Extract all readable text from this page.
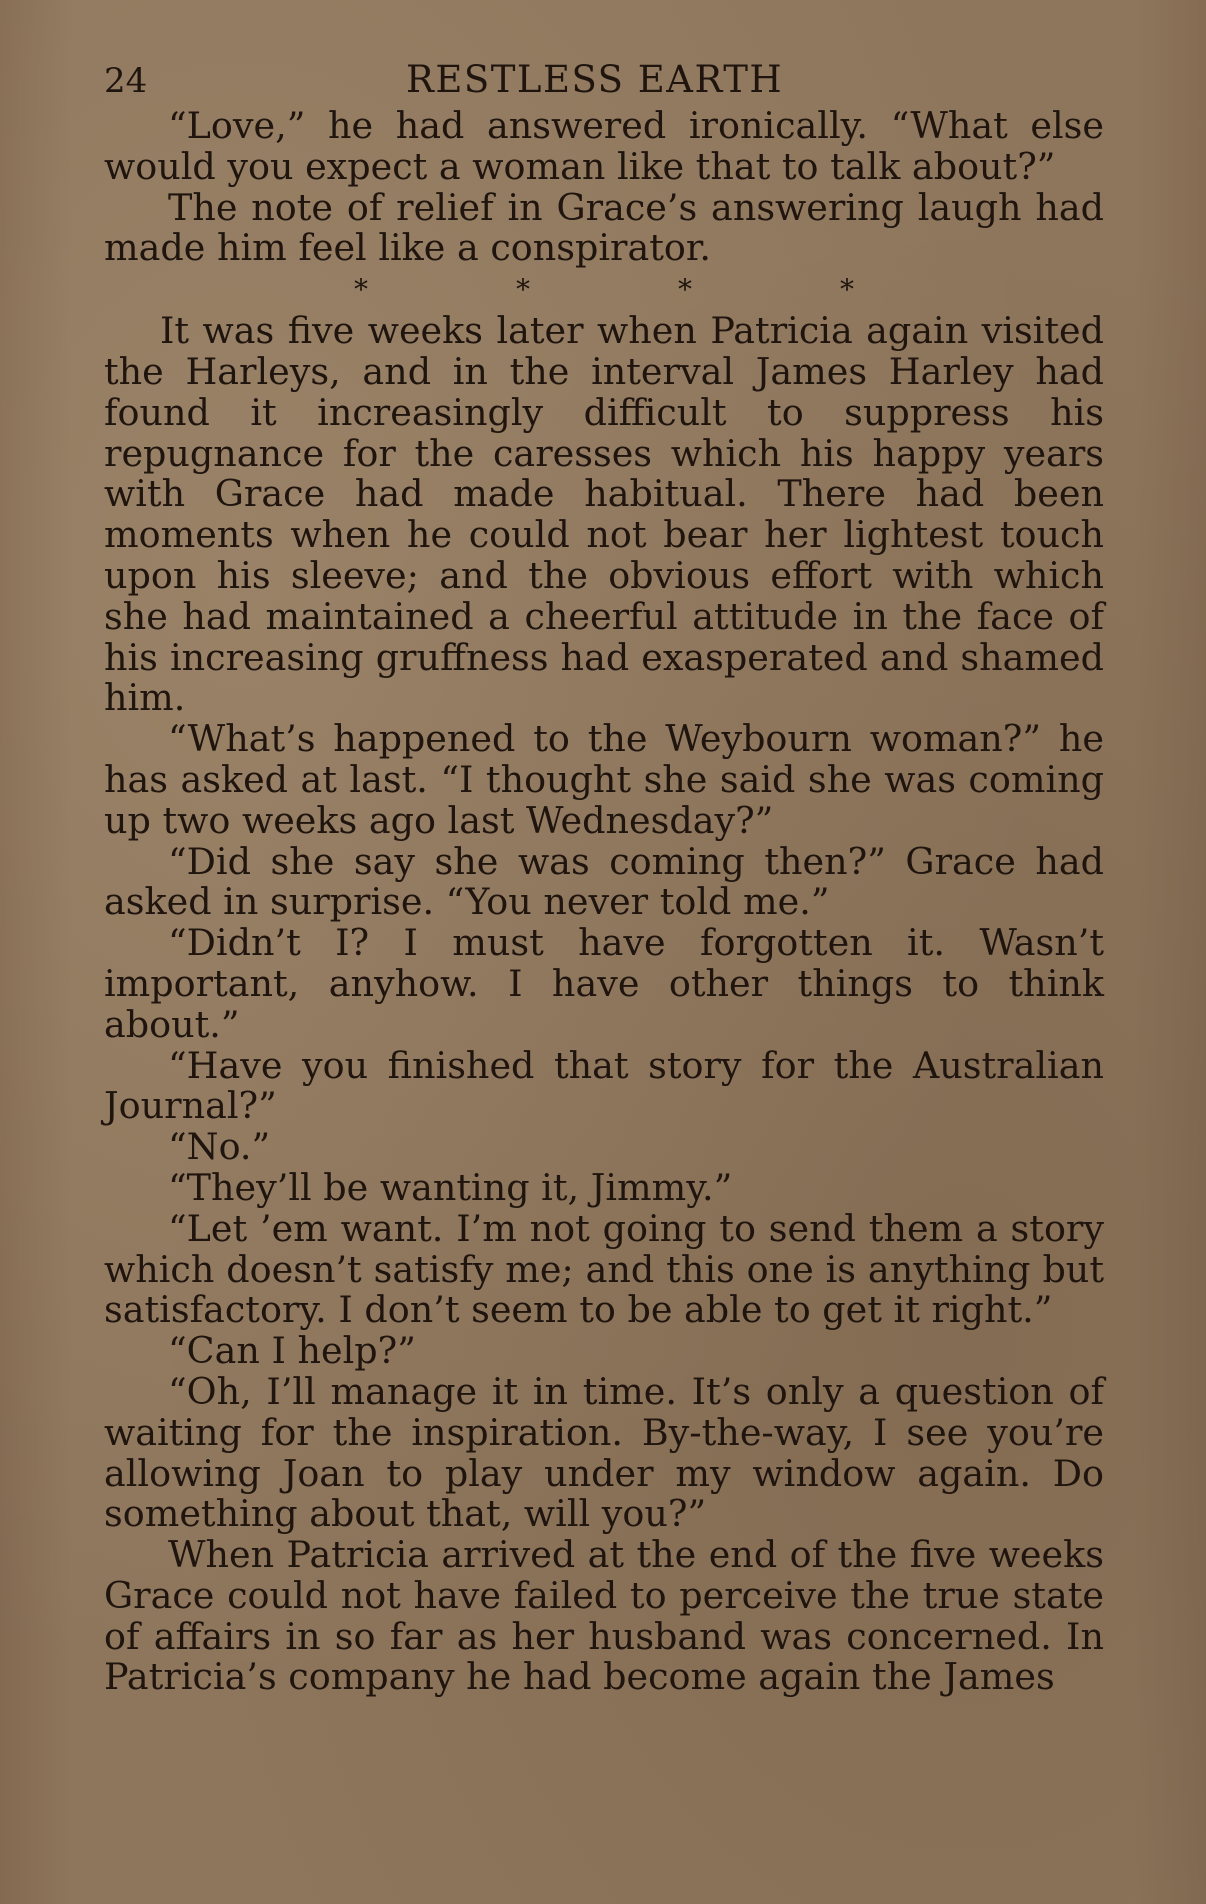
24	RESTLESS EARTH

“Love,” he had answered ironically. “What else would you expect a woman like that to talk about?”

The note of relief in Grace’s answering laugh had made him feel like a conspirator.

*	*	*	*

It was five weeks later when Patricia again visited the Harleys, and in the interval James Harley had found it increasingly difficult to suppress his repugnance for the caresses which his happy years with Grace had made habitual. There had been moments when he could not bear her lightest touch upon his sleeve; and the obvious effort with which she had maintained a cheerful attitude in the face of his increasing gruffness had exasperated and shamed him.

“What’s happened to the Weybourn woman?” he has asked at last. “I thought she said she was coming up two weeks ago last Wednesday?”

“Did she say she was coming then?” Grace had asked in surprise. “You never told me.”

“Didn’t I? I must have forgotten it. Wasn’t important, anyhow. I have other things to think about.”

“Have you finished that story for the Australian Journal?”

“No.”

“They’ll be wanting it, Jimmy.”

“Let ’em want. I’m not going to send them a story which doesn’t satisfy me; and this one is anything but satisfactory. I don’t seem to be able to get it right.”

“Can I help?”

“Oh, I’ll manage it in time. It’s only a question of waiting for the inspiration. By-the-way, I see you’re allowing Joan to play under my window again. Do something about that, will you?”

When Patricia arrived at the end of the five weeks Grace could not have failed to perceive the true state of affairs in so far as her husband was concerned. In Patricia’s company he had become again the James
